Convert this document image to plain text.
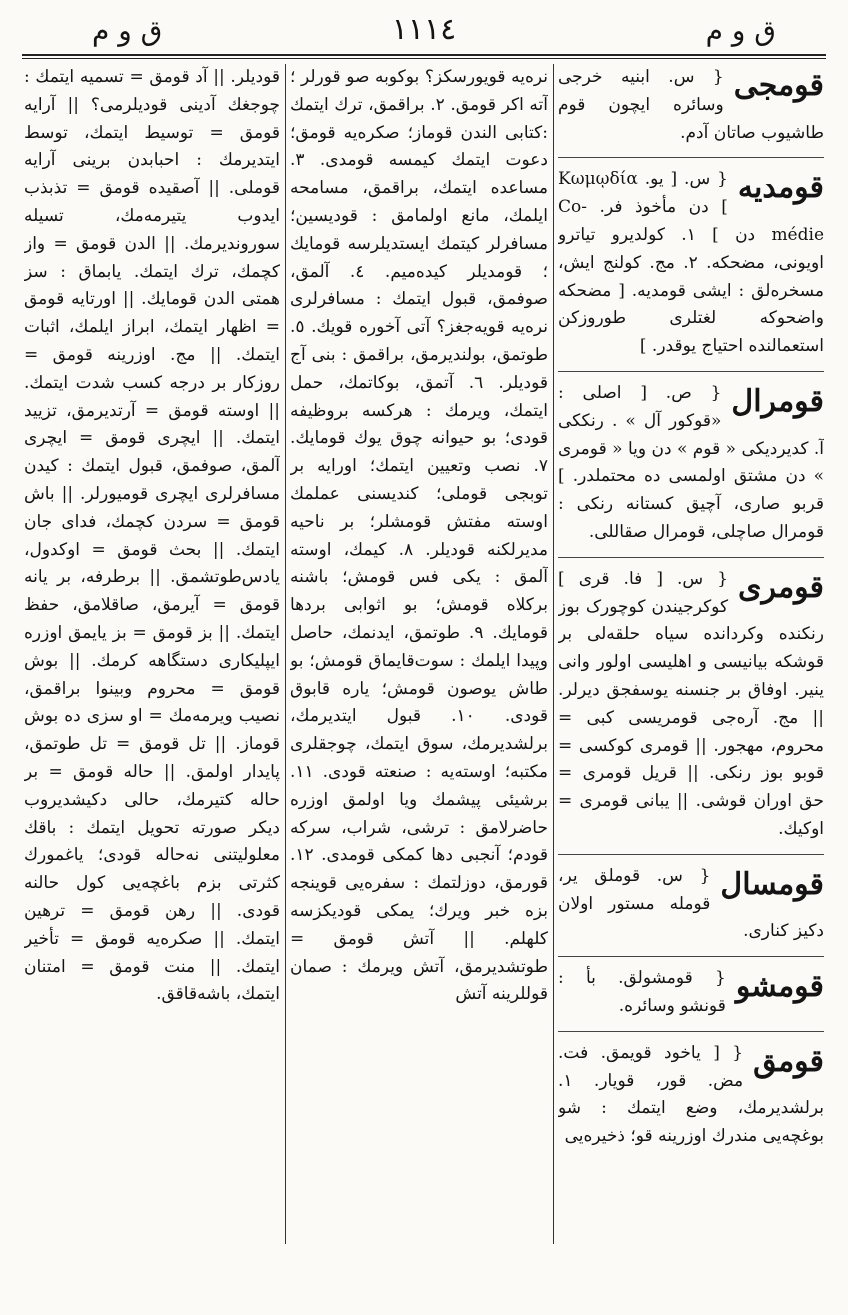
ق و م
١١١٤
ق و م
قومجی

{ س. ابنیه خرجی وسائره ایچون قوم طاشیوب صاتان آدم.

قومدیه

{ س. [ یو. Κωμῳδία ] دن مأخوذ فر. Co-médie دن ] ۱. کولدیرو تیاترو اویونی، مضحکه. ۲. مج. کولنج ایش، مسخره‌لق : ایشی قومدیه. [ مضحکه واضحوکه لغتلری طوروزکن استعمالنده احتیاج یوقدر. ]

قومرال

{ ص. [ اصلی : «قوکور آل » . رنککی آ. کدیردیکی « قوم » دن ویا « قومری » دن مشتق اولمسی ده محتملدر. ] قربو صاری، آچیق کستانه رنکی : قومرال صاچلی، قومرال صقاللی.

قومری

{ س. [ فا. قری ] کوکرجیندن کوچورک بوز رنکنده وکردانده سیاه حلقه‌لی بر قوشکه بیانیسی و اهلیسی اولور وانی ینیر. اوفاق بر جنسنه یوسفجق دیرلر. || مج. آره‌جی قومریسی کبی = محروم، مهجور. || قومری کوکسی = قوبو بوز رنکی. || قریل قومری = حق اوران قوشی. || یبانی قومری = اوکیك.

قومسال

{ س. قوملق یر، قومله مستور اولان دکیز کناری.

قومشو

{ قومشولق. بأ : قونشو وسائره.

قومق

{ [ یاخود قویمق. فت. مض. قور، قویار. ۱. برلشدیرمك، وضع ایتمك : شو بوغچه‌یی مندرك اوزرینه قو؛ ذخیره‌یی

نره‌یه قویورسکز؟ بوکوبه صو قورلر ؛ آته اکر قومق. ۲. براقمق، ترك ایتمك :کتابی الندن قوماز؛ صکره‌یه قومق؛ دعوت ایتمك کیمسه قومدی. ۳. مساعده ایتمك، براقمق، مسامحه ایلمك، مانع اولمامق : قودیسین؛ مسافرلر کیتمك ایستدیلرسه قومایك ؛ قومدیلر کیده‌میم. ٤. آلمق، صوفمق، قبول ایتمك : مسافرلری نره‌یه قویه‌جغز؟ آتی آخوره قویك. ٥. طوتمق، بولندیرمق، براقمق : بنی آج قودیلر. ٦. آتمق، بوکاتمك، حمل ایتمك، ویرمك : هرکسه بروظیفه قودی؛ بو حیوانه چوق یوك قومایك. ۷. نصب وتعیین ایتمك؛ اورایه بر توبجی قوملی؛ کندیسنی عملمك اوسته مفتش قومشلر؛ بر ناحیه مدیرلکنه قودیلر. ۸. کیمك، اوسته آلمق : یکی فس قومش؛ باشنه برکلاه قومش؛ بو اثوابی بردها قومایك. ۹. طوتمق، ایدنمك، حاصل وپیدا ایلمك : سوت‌قایماق قومش؛ بو طاش یوصون قومش؛ یاره قابوق قودی. ۱۰. قبول ایتدیرمك، برلشدیرمك، سوق ایتمك، چوجقلری مکتبه‌؛ اوسته‌یه : صنعته قودی. ۱۱. برشیئی پیشمك ویا اولمق اوزره حاضرلامق : ترشی، شراب، سرکه قودم؛ آنجبی دها کمکی قومدی. ۱۲. قورمق، دوزلتمك : سفره‌یی قوینجه بزه خبر ویرك؛ یمکی قودیکزسه کلهلم. || آتش قومق = طوتشدیرمق، آتش ویرمك : صمان قوللرینه آتش

قودیلر. || آد قومق = تسمیه ایتمك : چوجغك آدینی قودیلرمی؟ || آرایه قومق = توسیط ایتمك، توسط ایتدیرمك : احبابدن برینی آرایه قوملی. || آصقیده قومق = تذبذب ایدوب یتیرمه‌مك، تسیله سوروندیرمك. || الدن قومق = واز کچمك، ترك ایتمك. یابماق : سز همتی الدن قومایك. || اورتایه قومق = اظهار ایتمك، ابراز ایلمك، اثبات ایتمك. || مج. اوزرینه قومق = روزکار بر درجه کسب شدت ایتمك. || اوسته قومق = آرتدیرمق، تزیید ایتمك. || ایچری قومق = ایچری آلمق، صوفمق، قبول ایتمك : کیدن مسافرلری ایچری قومیورلر. || باش قومق = سردن کچمك، فدای جان ایتمك. || بحث قومق = اوکدول، یادس‌طوتشمق. || برطرفه، بر یانه قومق = آیرمق، صاقلامق، حفظ ایتمك. || بز قومق = بز یایمق اوزره ایپلیکاری دستگاهه کرمك. || بوش قومق = محروم وبینوا براقمق، نصیب ویرمه‌مك = او سزی ده بوش قوماز. || تل قومق = تل طوتمق، پایدار اولمق. || حاله قومق = بر حاله کتیرمك، حالی دکیشدیروب دیکر صورته تحویل ایتمك : باقك معلولیتنی نه‌حاله قودی؛ یاغمورك کثرتی بزم باغچه‌یی کول حالنه قودی. || رهن قومق = ترهین ایتمك. || صکره‌یه قومق = تأخیر ایتمك. || منت قومق = امتنان ایتمك، باشه‌قاقق.
